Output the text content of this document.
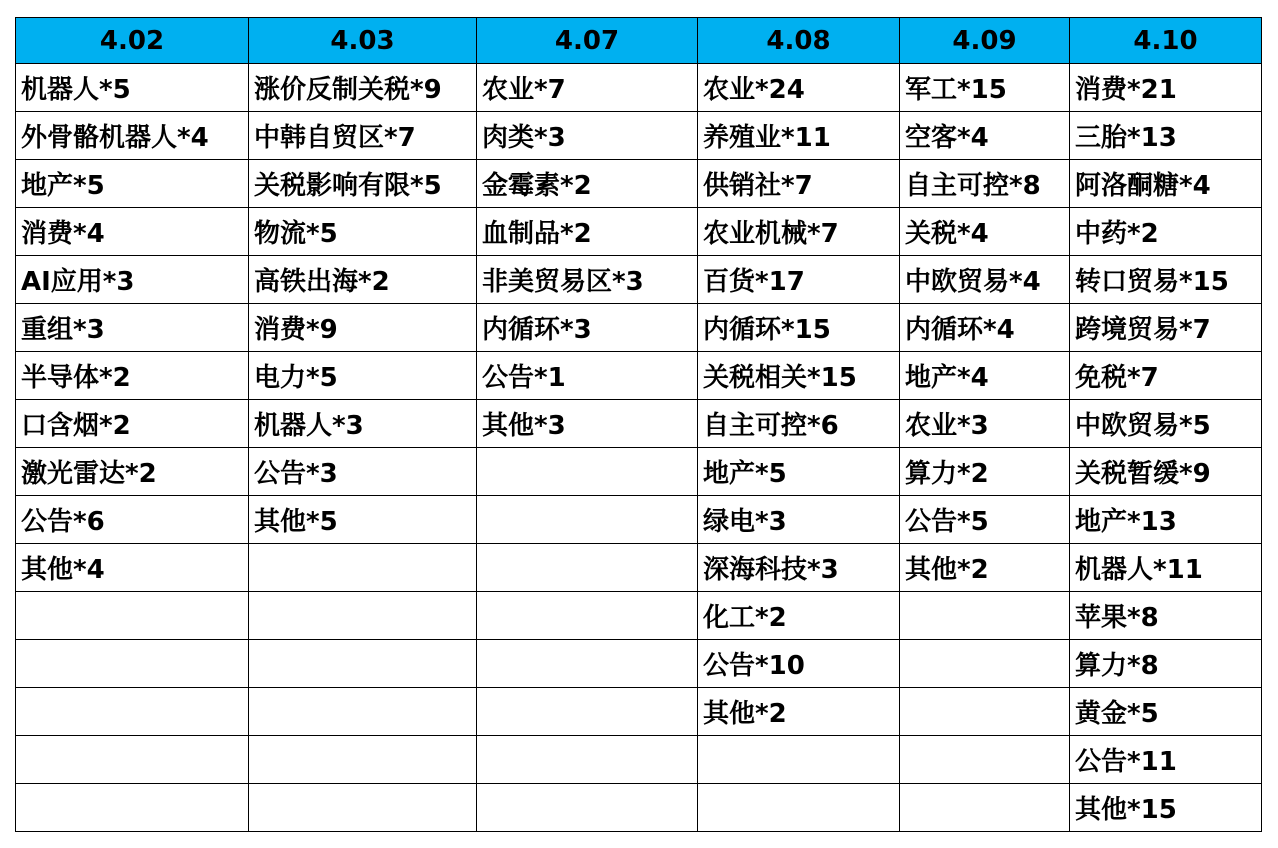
4.02	4.03	4.07	4.08	4.09	4.10
机器人*5	涨价反制关税*9	农业*7	农业*24	军工*15	消费*21
外骨骼机器人*4	中韩自贸区*7	肉类*3	养殖业*11	空客*4	三胎*13
地产*5	关税影响有限*5	金霉素*2	供销社*7	自主可控*8	阿洛酮糖*4
消费*4	物流*5	血制品*2	农业机械*7	关税*4	中药*2
AI应用*3	高铁出海*2	非美贸易区*3	百货*17	中欧贸易*4	转口贸易*15
重组*3	消费*9	内循环*3	内循环*15	内循环*4	跨境贸易*7
半导体*2	电力*5	公告*1	关税相关*15	地产*4	免税*7
口含烟*2	机器人*3	其他*3	自主可控*6	农业*3	中欧贸易*5
激光雷达*2	公告*3		地产*5	算力*2	关税暂缓*9
公告*6	其他*5		绿电*3	公告*5	地产*13
其他*4			深海科技*3	其他*2	机器人*11
			化工*2		苹果*8
			公告*10		算力*8
			其他*2		黄金*5
					公告*11
					其他*15
